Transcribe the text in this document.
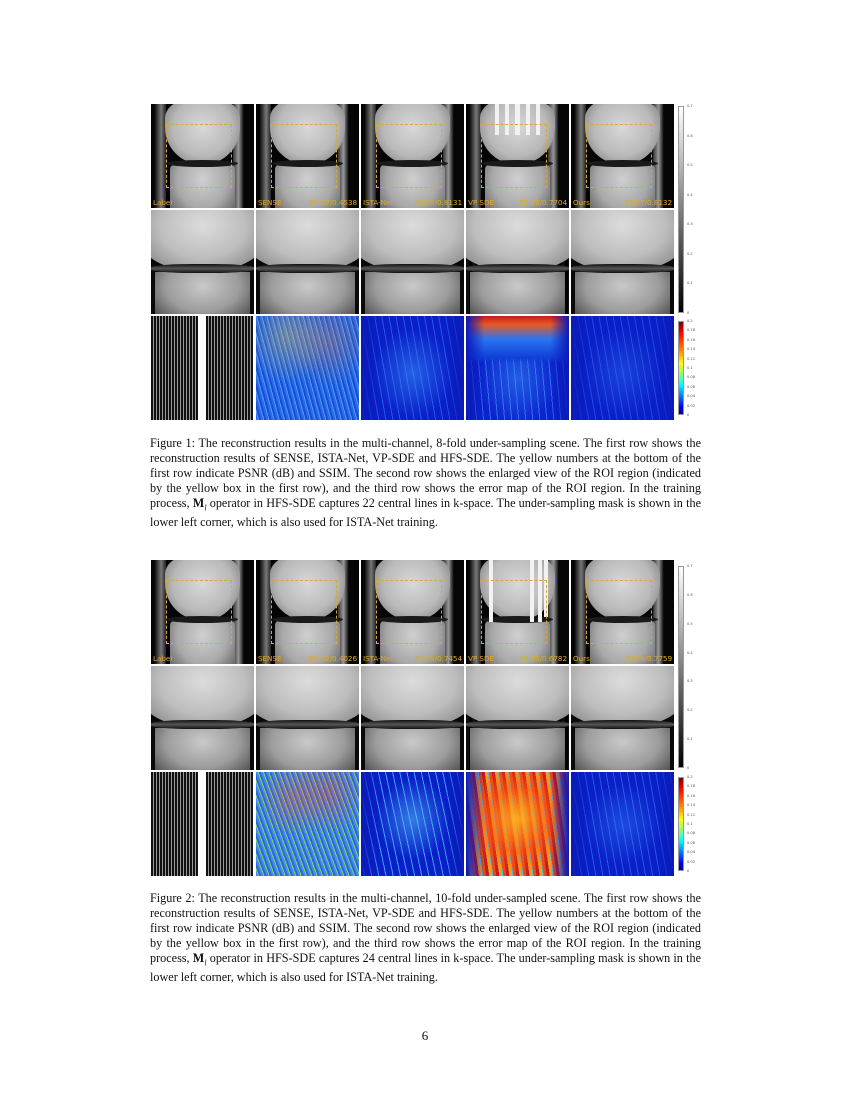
Label	SENSE	24.67/0.4538 ISTA-Net	30.00/0.8131 VP SDE	25.29/0.7704 Ours	32.07/0.8132
0.7
0.6
0.5
0.4
0.3
0.2
0.1
0
0.2
0.18
0.16
0.14
0.12
0.1
0.08
0.06
0.04
0.02
0

Figure 1: The reconstruction results in the multi-channel, 8-fold under-sampling scene. The first row shows the reconstruction results of SENSE, ISTA-Net, VP-SDE and HFS-SDE. The yellow numbers at the bottom of the first row indicate PSNR (dB) and SSIM. The second row shows the enlarged view of the ROI region (indicated by the yellow box in the first row), and the third row shows the error map of the ROI region. In the training process, $M_l$ operator in HFS-SDE captures 22 central lines in k-space. The under-sampling mask is shown in the lower left corner, which is also used for ISTA-Net training.

Label	SENSE	22.52/0.4026 ISTA-Net	27.79/0.7454 VP SDE	18.65/0.6782 Ours	30.08/0.7759
0.7
0.6
0.5
0.4
0.3
0.2
0.1
0
0.2
0.18
0.16
0.14
0.12
0.1
0.08
0.06
0.04
0.02
0

Figure 2: The reconstruction results in the multi-channel, 10-fold under-sampled scene. The first row shows the reconstruction results of SENSE, ISTA-Net, VP-SDE and HFS-SDE. The yellow numbers at the bottom of the first row indicate PSNR (dB) and SSIM. The second row shows the enlarged view of the ROI region (indicated by the yellow box in the first row), and the third row shows the error map of the ROI region. In the training process, $M_l$ operator in HFS-SDE captures 24 central lines in k-space. The under-sampling mask is shown in the lower left corner, which is also used for ISTA-Net training.

6
